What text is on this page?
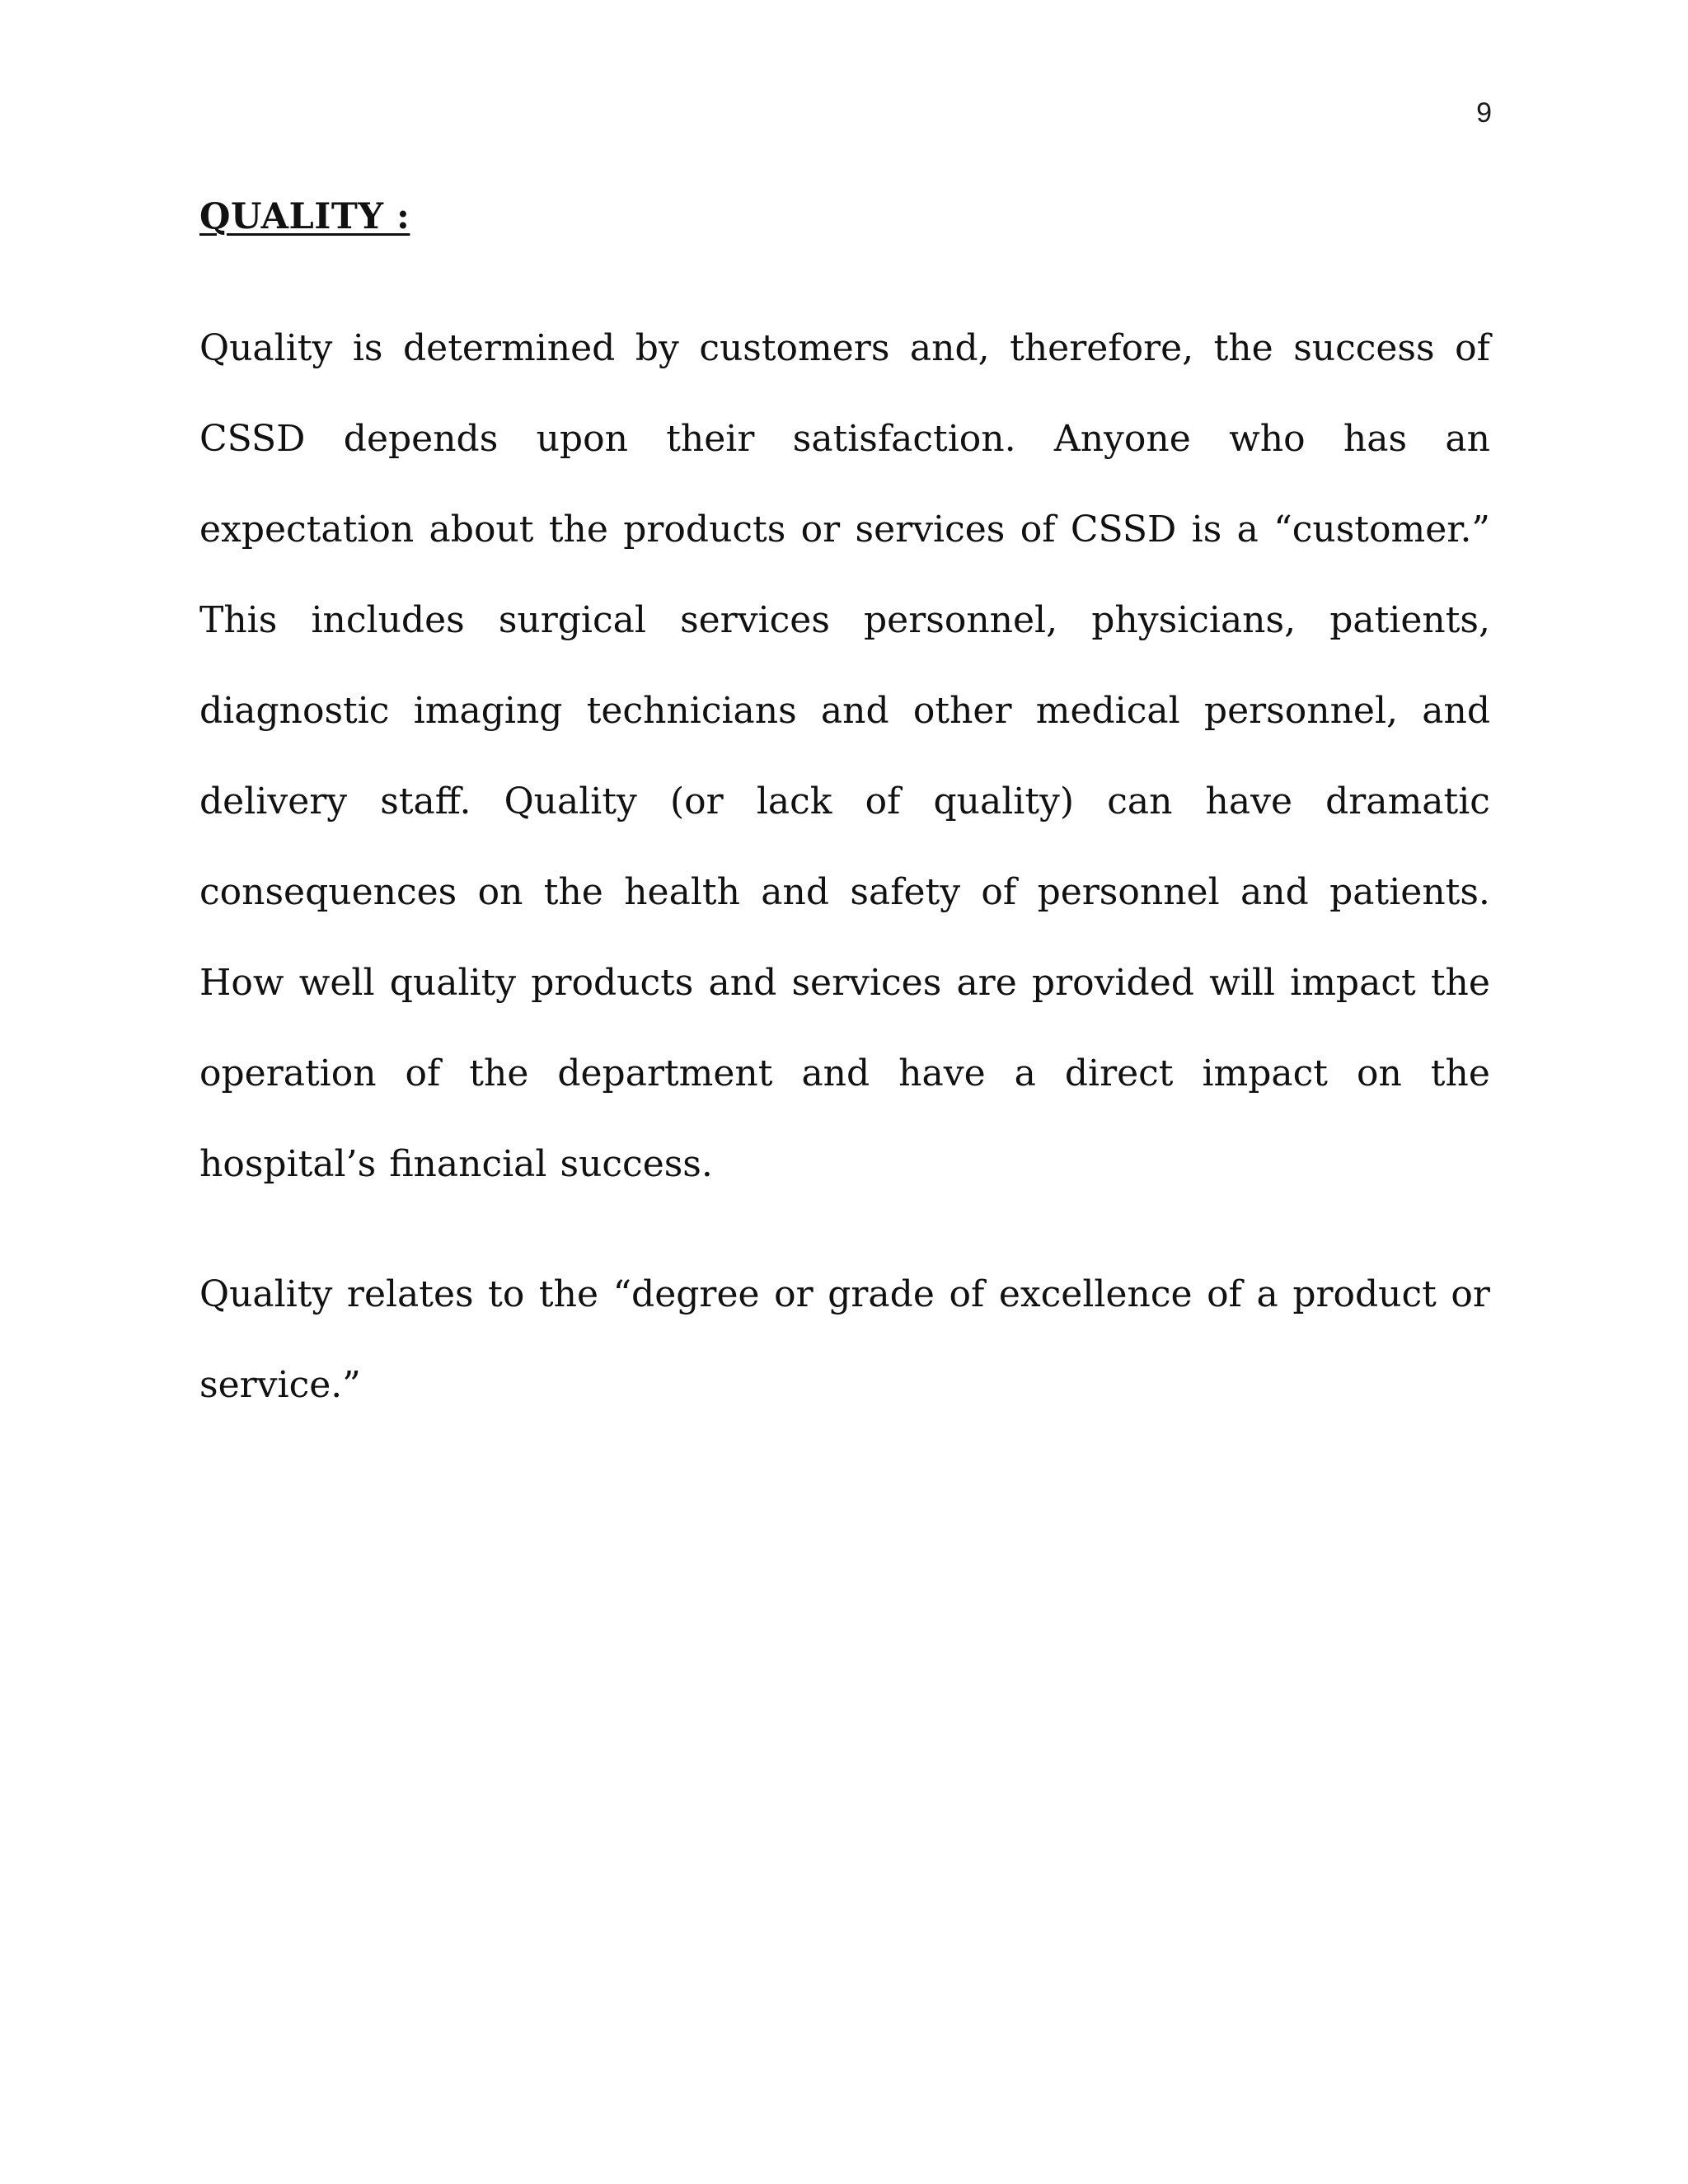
9
QUALITY :
Quality is determined by customers and, therefore, the success of
CSSD depends upon their satisfaction. Anyone who has an
expectation about the products or services of CSSD is a “customer.”
This includes surgical services personnel, physicians, patients,
diagnostic imaging technicians and other medical personnel, and
delivery staff. Quality (or lack of quality) can have dramatic
consequences on the health and safety of personnel and patients.
How well quality products and services are provided will impact the
operation of the department and have a direct impact on the
hospital’s financial success.
Quality relates to the “degree or grade of excellence of a product or
service.”
